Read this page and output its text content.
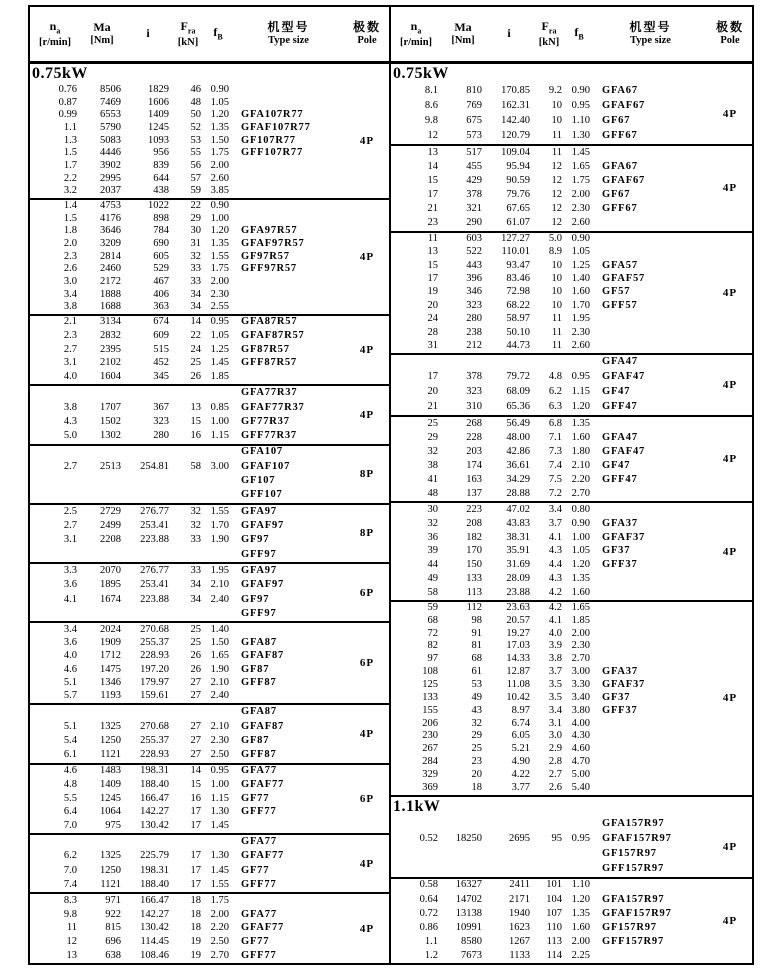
$n_a$
[r/min]
Ma
[Nm]
i
$F_{ra}$
[kN]
$f_B$
机型号
Type size
极数
Pole
0.75kW
0.76	8506	1829	46 0.90
0.87	7469	1606	48 1.05
0.99	6553	1409	50 1.20	GFA107R77
1.1	5790	1245	52 1.35	GFAF107R77
1.3	5083	1093	53 1.50	GF107R77
1.5	4446	956	55 1.75	GFF107R77
1.7	3902	839	56 2.00
2.2	2995	644	57 2.60
3.2	2037	438	59 3.85
4P
1.4	4753	1022	22 0.90
1.5	4176	898	29 1.00
1.8	3646	784	30 1.20	GFA97R57
2.0	3209	690	31 1.35	GFAF97R57
2.3	2814	605	32 1.55	GF97R57
2.6	2460	529	33 1.75	GFF97R57
3.0	2172	467	33 2.00
3.4	1888	406	34 2.30
3.8	1688	363	34 2.55
4P
2.1	3134	674	14 0.95	GFA87R57
2.3	2832	609	22 1.05	GFAF87R57
2.7	2395	515	24 1.25	GF87R57
3.1	2102	452	25 1.45	GFF87R57
4.0	1604	345	26 1.85
4P
GFA77R37
3.8	1707	367	13 0.85	GFAF77R37
4.3	1502	323	15 1.00	GF77R37
5.0	1302	280	16 1.15	GFF77R37
4P
GFA107
2.7	2513	254.81	58 3.00	GFAF107
GF107
GFF107
8P
2.5	2729	276.77	32 1.55	GFA97
2.7	2499	253.41	32 1.70	GFAF97
3.1	2208	223.88	33 1.90	GF97
GFF97
8P
3.3	2070	276.77	33 1.95	GFA97
3.6	1895	253.41	34 2.10	GFAF97
4.1	1674	223.88	34 2.40	GF97
GFF97
6P
3.4	2024	270.68	25 1.40
3.6	1909	255.37	25 1.50	GFA87
4.0	1712	228.93	26 1.65	GFAF87
4.6	1475	197.20	26 1.90	GF87
5.1	1346	179.97	27 2.10	GFF87
5.7	1193	159.61	27 2.40
6P
GFA87
5.1	1325	270.68	27 2.10	GFAF87
5.4	1250	255.37	27 2.30	GF87
6.1	1121	228.93	27 2.50	GFF87
4P
4.6	1483	198.31	14 0.95	GFA77
4.8	1409	188.40	15 1.00	GFAF77
5.5	1245	166.47	16 1.15	GF77
6.4	1064	142.27	17 1.30	GFF77
7.0	975	130.42	17 1.45
6P
GFA77
6.2	1325	225.79	17 1.30	GFAF77
7.0	1250	198.31	17 1.45	GF77
7.4	1121	188.40	17 1.55	GFF77
4P
8.3	971	166.47	18 1.75
9.8	922	142.27	18 2.00	GFA77
11	815	130.42	18 2.20	GFAF77
12	696	114.45	19 2.50	GF77
13	638	108.46	19 2.70	GFF77
4P
$n_a$
[r/min]
Ma
[Nm]
i
$F_{ra}$
[kN]
$f_B$
机型号
Type size
极数
Pole
0.75kW
8.1	810	170.85	9.2 0.90	GFA67
8.6	769	162.31	10 0.95	GFAF67
9.8	675	142.40	10 1.10	GF67
12	573	120.79	11 1.30	GFF67
4P
13	517	109.04	11 1.45
14	455	95.94	12 1.65	GFA67
15	429	90.59	12 1.75	GFAF67
17	378	79.76	12 2.00	GF67
21	321	67.65	12 2.30	GFF67
23	290	61.07	12 2.60
4P
11	603	127.27	5.0 0.90
13	522	110.01	8.9 1.05
15	443	93.47	10 1.25	GFA57
17	396	83.46	10 1.40	GFAF57
19	346	72.98	10 1.60	GF57
20	323	68.22	10 1.70	GFF57
24	280	58.97	11 1.95
28	238	50.10	11 2.30
31	212	44.73	11 2.60
4P
GFA47
17	378	79.72	4.8 0.95	GFAF47
20	323	68.09	6.2 1.15	GF47
21	310	65.36	6.3 1.20	GFF47
4P
25	268	56.49	6.8 1.35
29	228	48.00	7.1 1.60	GFA47
32	203	42.86	7.3 1.80	GFAF47
38	174	36.61	7.4 2.10	GF47
41	163	34.29	7.5 2.20	GFF47
48	137	28.88	7.2 2.70
4P
30	223	47.02	3.4 0.80
32	208	43.83	3.7 0.90	GFA37
36	182	38.31	4.1 1.00	GFAF37
39	170	35.91	4.3 1.05	GF37
44	150	31.69	4.4 1.20	GFF37
49	133	28.09	4.3 1.35
58	113	23.88	4.2 1.60
4P
59	112	23.63	4.2 1.65
68	98	20.57	4.1 1.85
72	91	19.27	4.0 2.00
82	81	17.03	3.9 2.30
97	68	14.33	3.8 2.70
108	61	12.87	3.7 3.00	GFA37
125	53	11.08	3.5 3.30	GFAF37
133	49	10.42	3.5 3.40	GF37
155	43	8.97	3.4 3.80	GFF37
206	32	6.74	3.1 4.00
230	29	6.05	3.0 4.30
267	25	5.21	2.9 4.60
284	23	4.90	2.8 4.70
329	20	4.22	2.7 5.00
369	18	3.77	2.6 5.40
4P
1.1kW
GFA157R97
0.52	18250	2695	95 0.95	GFAF157R97
GF157R97
GFF157R97
4P
0.58	16327	2411	101 1.10
0.64	14702	2171	104 1.20	GFA157R97
0.72	13138	1940	107 1.35	GFAF157R97
0.86	10991	1623	110 1.60	GF157R97
1.1	8580	1267	113 2.00	GFF157R97
1.2	7673	1133	114 2.25
4P
